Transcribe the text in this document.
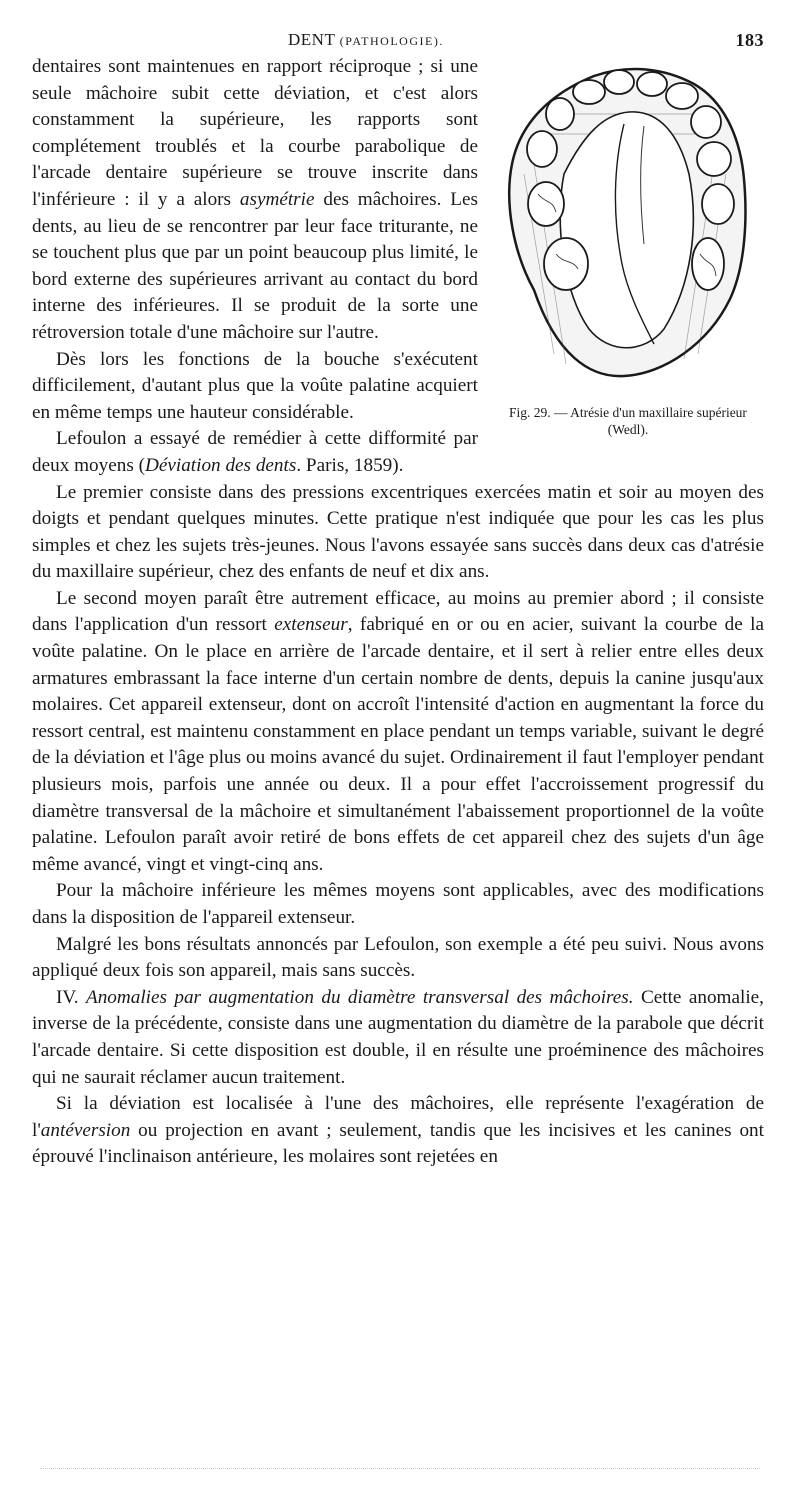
DENT (PATHOLOGIE).	183
Fig. 29. — Atrésie d'un maxillaire supérieur (Wedl).

dentaires sont maintenues en rapport réciproque ; si une seule mâchoire subit cette déviation, et c'est alors constamment la supérieure, les rapports sont complétement troublés et la courbe parabolique de l'arcade dentaire supérieure se trouve inscrite dans l'inférieure : il y a alors asymétrie des mâchoires. Les dents, au lieu de se rencontrer par leur face triturante, ne se touchent plus que par un point beaucoup plus limité, le bord externe des supérieures arrivant au contact du bord interne des inférieures. Il se produit de la sorte une rétroversion totale d'une mâchoire sur l'autre.

Dès lors les fonctions de la bouche s'exécutent difficilement, d'autant plus que la voûte palatine acquiert en même temps une hauteur considérable.

Lefoulon a essayé de remédier à cette difformité par deux moyens (Déviation des dents. Paris, 1859).

Le premier consiste dans des pressions excentriques exercées matin et soir au moyen des doigts et pendant quelques minutes. Cette pratique n'est indiquée que pour les cas les plus simples et chez les sujets très-jeunes. Nous l'avons essayée sans succès dans deux cas d'atrésie du maxillaire supérieur, chez des enfants de neuf et dix ans.

Le second moyen paraît être autrement efficace, au moins au premier abord ; il consiste dans l'application d'un ressort extenseur, fabriqué en or ou en acier, suivant la courbe de la voûte palatine. On le place en arrière de l'arcade dentaire, et il sert à relier entre elles deux armatures embrassant la face interne d'un certain nombre de dents, depuis la canine jusqu'aux molaires. Cet appareil extenseur, dont on accroît l'intensité d'action en augmentant la force du ressort central, est maintenu constamment en place pendant un temps variable, suivant le degré de la déviation et l'âge plus ou moins avancé du sujet. Ordinairement il faut l'employer pendant plusieurs mois, parfois une année ou deux. Il a pour effet l'accroissement progressif du diamètre transversal de la mâchoire et simultanément l'abaissement proportionnel de la voûte palatine. Lefoulon paraît avoir retiré de bons effets de cet appareil chez des sujets d'un âge même avancé, vingt et vingt-cinq ans.

Pour la mâchoire inférieure les mêmes moyens sont applicables, avec des modifications dans la disposition de l'appareil extenseur.

Malgré les bons résultats annoncés par Lefoulon, son exemple a été peu suivi. Nous avons appliqué deux fois son appareil, mais sans succès.

IV. Anomalies par augmentation du diamètre transversal des mâchoires. Cette anomalie, inverse de la précédente, consiste dans une augmentation du diamètre de la parabole que décrit l'arcade dentaire. Si cette disposition est double, il en résulte une proéminence des mâchoires qui ne saurait réclamer aucun traitement.

Si la déviation est localisée à l'une des mâchoires, elle représente l'exagération de l'antéversion ou projection en avant ; seulement, tandis que les incisives et les canines ont éprouvé l'inclinaison antérieure, les molaires sont rejetées en
